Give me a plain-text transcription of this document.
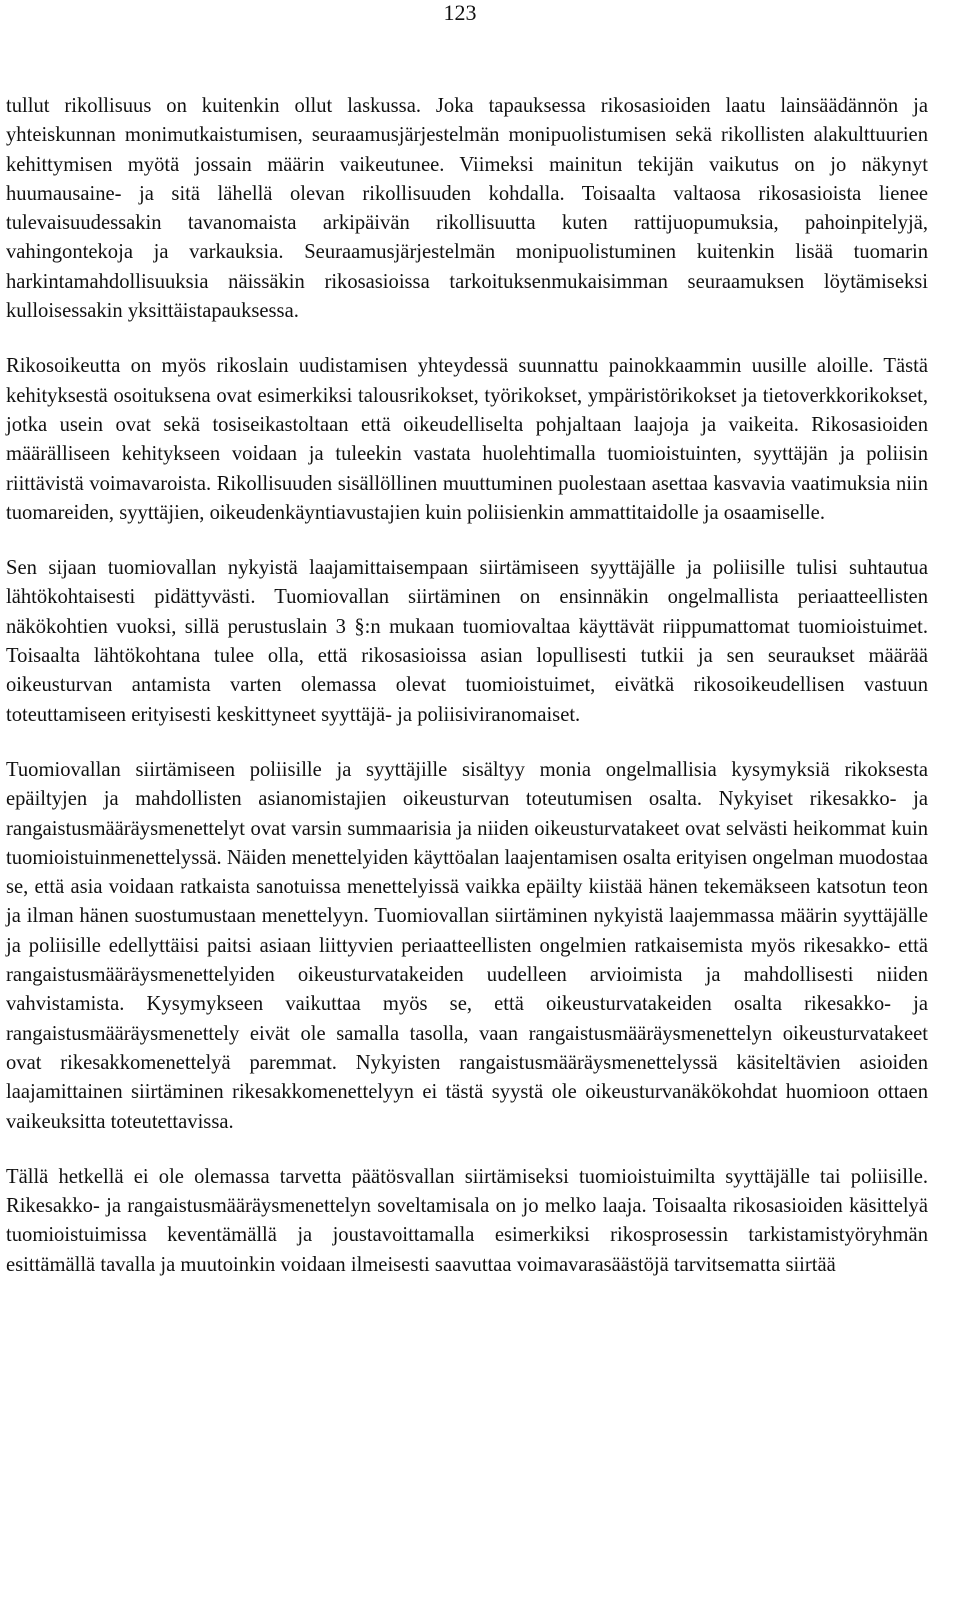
123

tullut rikollisuus on kuitenkin ollut laskussa. Joka tapauksessa rikosasioiden laatu lainsäädännön ja yhteiskunnan monimutkaistumisen, seuraamusjärjestelmän monipuolistumisen sekä rikollisten alakulttuurien kehittymisen myötä jossain määrin vaikeutunee. Viimeksi mainitun tekijän vaikutus on jo näkynyt huumausaine- ja sitä lähellä olevan rikollisuuden kohdalla. Toisaalta valtaosa rikosasioista lienee tulevaisuudessakin tavanomaista arkipäivän rikollisuutta kuten rattijuopumuksia, pahoinpitelyjä, vahingontekoja ja varkauksia. Seuraamusjärjestelmän monipuolistuminen kuitenkin lisää tuomarin harkintamahdollisuuksia näissäkin rikosasioissa tarkoituksenmukaisimman seuraamuksen löytämiseksi kulloisessakin yksittäistapauksessa.

Rikosoikeutta on myös rikoslain uudistamisen yhteydessä suunnattu painokkaammin uusille aloille. Tästä kehityksestä osoituksena ovat esimerkiksi talousrikokset, työrikokset, ympäristörikokset ja tietoverkkorikokset, jotka usein ovat sekä tosiseikastoltaan että oikeudelliselta pohjaltaan laajoja ja vaikeita. Rikosasioiden määrälliseen kehitykseen voidaan ja tuleekin vastata huolehtimalla tuomioistuinten, syyttäjän ja poliisin riittävistä voimavaroista. Rikollisuuden sisällöllinen muuttuminen puolestaan asettaa kasvavia vaatimuksia niin tuomareiden, syyttäjien, oikeudenkäyntiavustajien kuin poliisienkin ammattitaidolle ja osaamiselle.

Sen sijaan tuomiovallan nykyistä laajamittaisempaan siirtämiseen syyttäjälle ja poliisille tulisi suhtautua lähtökohtaisesti pidättyvästi. Tuomiovallan siirtäminen on ensinnäkin ongelmallista periaatteellisten näkökohtien vuoksi, sillä perustuslain 3 §:n mukaan tuomiovaltaa käyttävät riippumattomat tuomioistuimet. Toisaalta lähtökohtana tulee olla, että rikosasioissa asian lopullisesti tutkii ja sen seuraukset määrää oikeusturvan antamista varten olemassa olevat tuomioistuimet, eivätkä rikosoikeudellisen vastuun toteuttamiseen erityisesti keskittyneet syyttäjä- ja poliisiviranomaiset.

Tuomiovallan siirtämiseen poliisille ja syyttäjille sisältyy monia ongelmallisia kysymyksiä rikoksesta epäiltyjen ja mahdollisten asianomistajien oikeusturvan toteutumisen osalta. Nykyiset rikesakko- ja rangaistusmääräysmenettelyt ovat varsin summaarisia ja niiden oikeusturvatakeet ovat selvästi heikommat kuin tuomioistuinmenettelyssä. Näiden menettelyiden käyttöalan laajentamisen osalta erityisen ongelman muodostaa se, että asia voidaan ratkaista sanotuissa menettelyissä vaikka epäilty kiistää hänen tekemäkseen katsotun teon ja ilman hänen suostumustaan menettelyyn. Tuomiovallan siirtäminen nykyistä laajemmassa määrin syyttäjälle ja poliisille edellyttäisi paitsi asiaan liittyvien periaatteellisten ongelmien ratkaisemista myös rikesakko- että rangaistusmääräysmenettelyiden oikeusturvatakeiden uudelleen arvioimista ja mahdollisesti niiden vahvistamista. Kysymykseen vaikuttaa myös se, että oikeusturvatakeiden osalta rikesakko- ja rangaistusmääräysmenettely eivät ole samalla tasolla, vaan rangaistusmääräysmenettelyn oikeusturvatakeet ovat rikesakkomenettelyä paremmat. Nykyisten rangaistusmääräysmenettelyssä käsiteltävien asioiden laajamittainen siirtäminen rikesakkomenettelyyn ei tästä syystä ole oikeusturvanäkökohdat huomioon ottaen vaikeuksitta toteutettavissa.

Tällä hetkellä ei ole olemassa tarvetta päätösvallan siirtämiseksi tuomioistuimilta syyttäjälle tai poliisille. Rikesakko- ja rangaistusmääräysmenettelyn soveltamisala on jo melko laaja. Toisaalta rikosasioiden käsittelyä tuomioistuimissa keventämällä ja joustavoittamalla esimerkiksi rikosprosessin tarkistamistyöryhmän esittämällä tavalla ja muutoinkin voidaan ilmeisesti saavuttaa voimavarasäästöjä tarvitsematta siirtää
